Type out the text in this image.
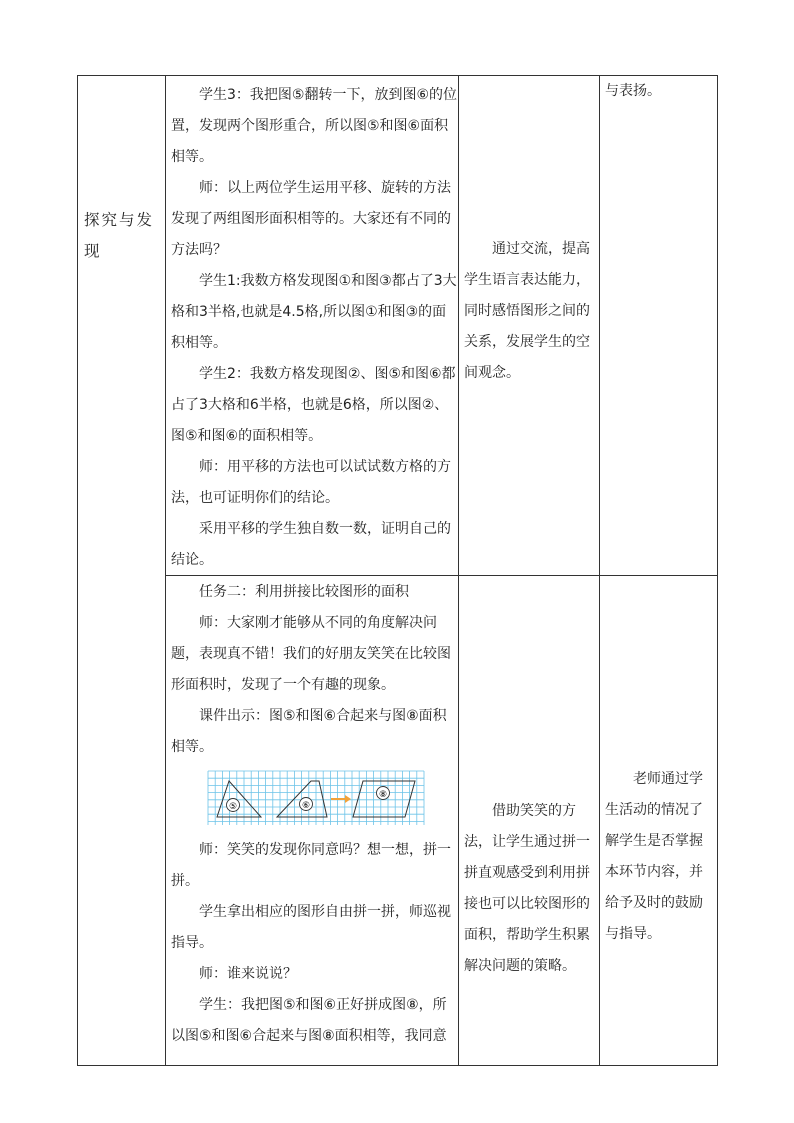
探究与发现

学生3：我把图⑤翻转一下，放到图⑥的位置，发现两个图形重合，所以图⑤和图⑥面积相等。

师：以上两位学生运用平移、旋转的方法发现了两组图形面积相等的。大家还有不同的方法吗？

学生1:我数方格发现图①和图③都占了3大格和3半格,也就是4.5格,所以图①和图③的面积相等。

学生2：我数方格发现图②、图⑤和图⑥都占了3大格和6半格，也就是6格，所以图②、图⑤和图⑥的面积相等。

师：用平移的方法也可以试试数方格的方法，也可证明你们的结论。

采用平移的学生独自数一数，证明自己的结论。

通过交流，提高学生语言表达能力，同时感悟图形之间的关系，发展学生的空间观念。

与表扬。

任务二：利用拼接比较图形的面积

师：大家刚才能够从不同的角度解决问题，表现真不错！我们的好朋友笑笑在比较图形面积时，发现了一个有趣的现象。

课件出示：图⑤和图⑥合起来与图⑧面积相等。

⑤	⑥
⑧

师：笑笑的发现你同意吗？想一想，拼一拼。

学生拿出相应的图形自由拼一拼，师巡视指导。

师：谁来说说？

学生：我把图⑤和图⑥正好拼成图⑧，所以图⑤和图⑥合起来与图⑧面积相等，我同意

借助笑笑的方法，让学生通过拼一拼直观感受到利用拼接也可以比较图形的面积，帮助学生积累解决问题的策略。

老师通过学生活动的情况了解学生是否掌握本环节内容，并给予及时的鼓励与指导。
